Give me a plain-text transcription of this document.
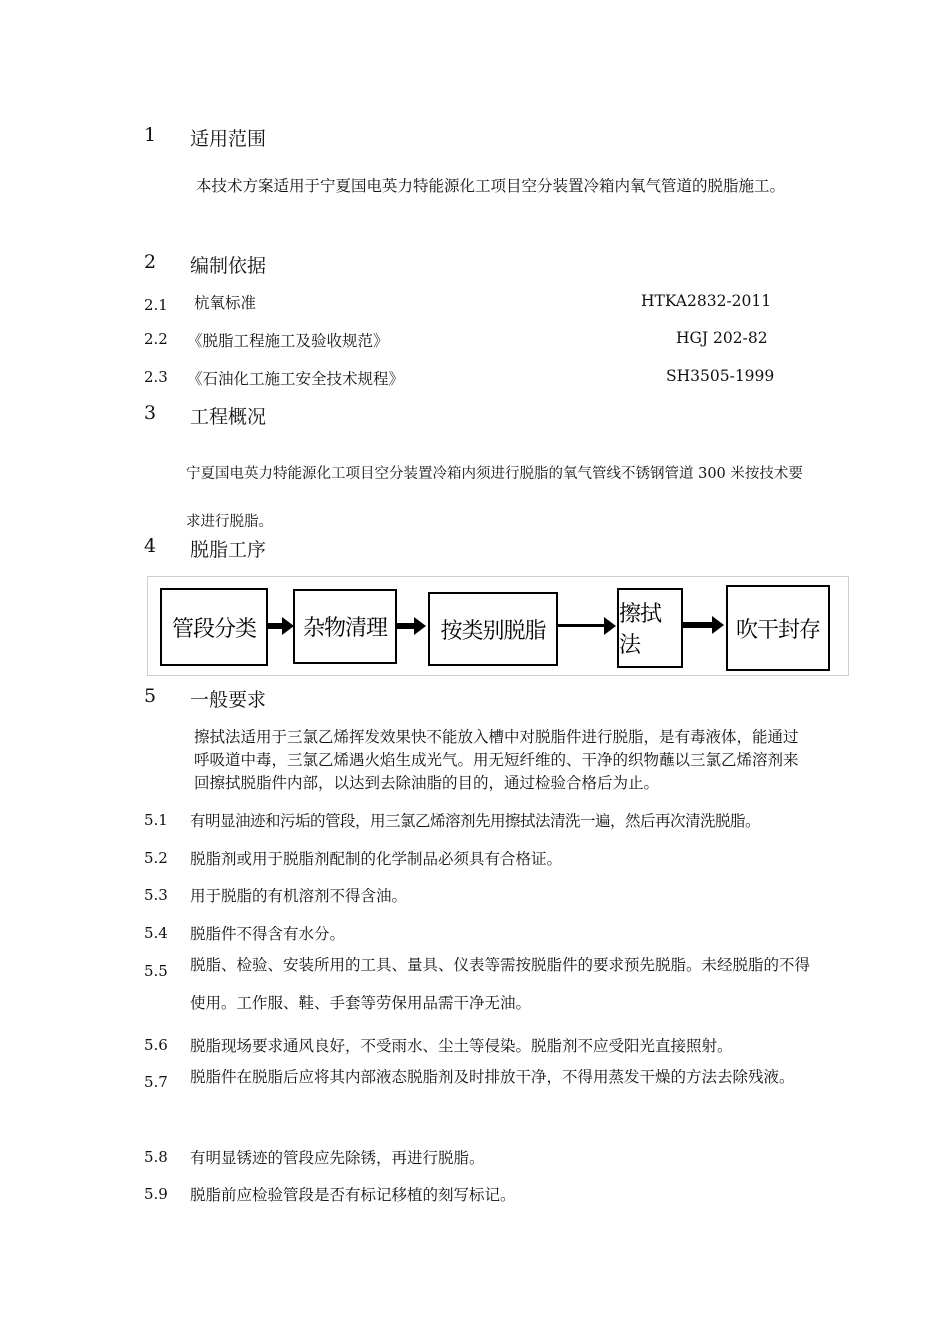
1 适用范围
本技术方案适用于宁夏国电英力特能源化工项目空分装置冷箱内氧气管道的脱脂施工。
2 编制依据
2.1 杭氧标准	HTKA2832-2011
2.2 《脱脂工程施工及验收规范》	HGJ 202-82
2.3 《石油化工施工安全技术规程》	SH3505-1999
3 工程概况
宁夏国电英力特能源化工项目空分装置冷箱内须进行脱脂的氧气管线不锈钢管道 300 米按技术要求进行脱脂。
4 脱脂工序
管段分类	杂物清理	按类别脱脂
擦拭法
吹干封存
5 一般要求
擦拭法适用于三氯乙烯挥发效果快不能放入槽中对脱脂件进行脱脂，是有毒液体，能通过呼吸道中毒，三氯乙烯遇火焰生成光气。用无短纤维的、干净的织物蘸以三氯乙烯溶剂来回擦拭脱脂件内部，以达到去除油脂的目的，通过检验合格后为止。
5.1 有明显油迹和污垢的管段，用三氯乙烯溶剂先用擦拭法清洗一遍，然后再次清洗脱脂。
5.2 脱脂剂或用于脱脂剂配制的化学制品必须具有合格证。
5.3 用于脱脂的有机溶剂不得含油。
5.4 脱脂件不得含有水分。
5.5 脱脂、检验、安装所用的工具、量具、仪表等需按脱脂件的要求预先脱脂。未经脱脂的不得使用。工作服、鞋、手套等劳保用品需干净无油。
5.6 脱脂现场要求通风良好，不受雨水、尘土等侵染。脱脂剂不应受阳光直接照射。
5.7 脱脂件在脱脂后应将其内部液态脱脂剂及时排放干净，不得用蒸发干燥的方法去除残液。
5.8 有明显锈迹的管段应先除锈，再进行脱脂。
5.9 脱脂前应检验管段是否有标记移植的刻写标记。
